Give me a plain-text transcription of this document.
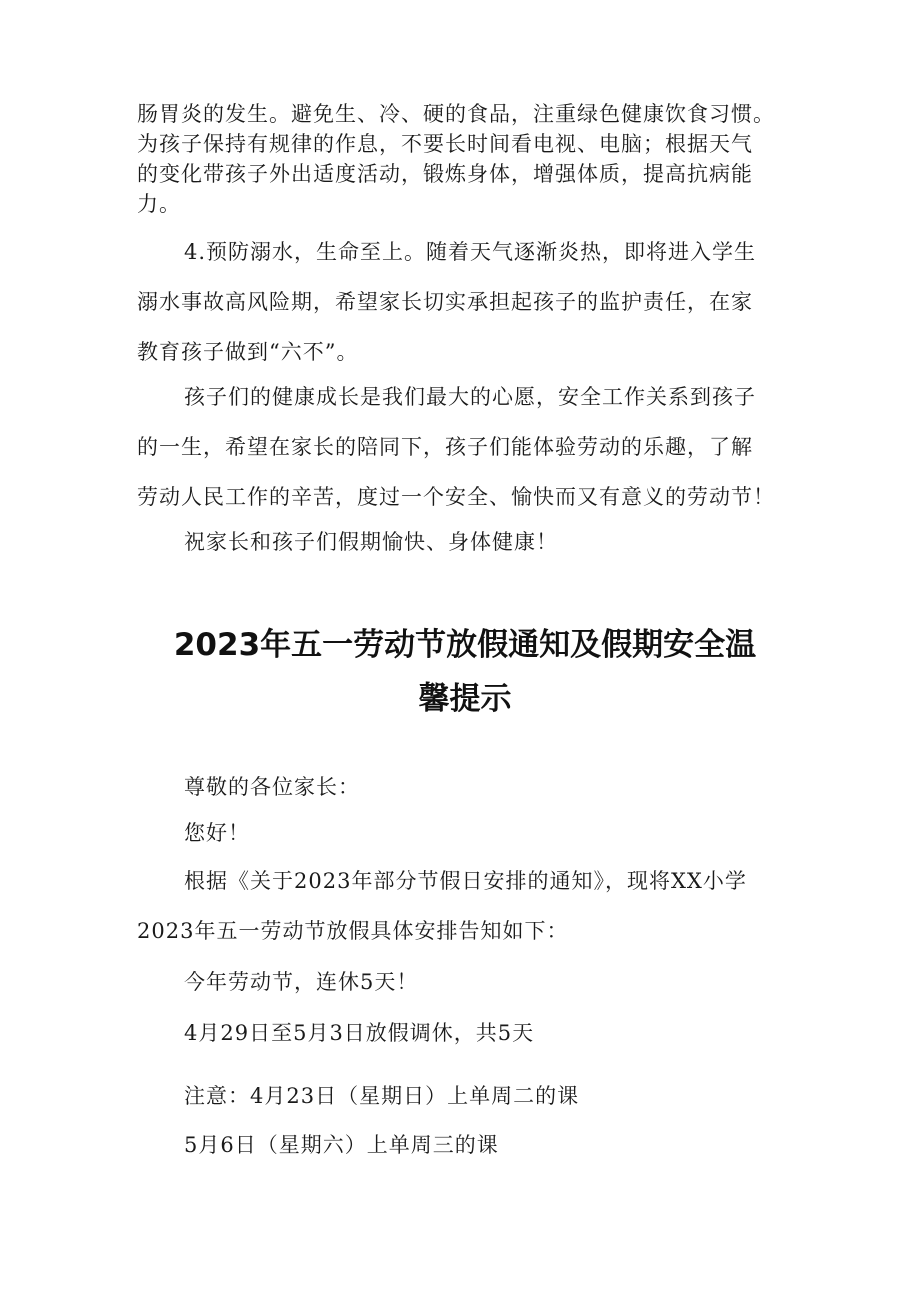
肠胃炎的发生。避免生、冷、硬的食品，注重绿色健康饮食习惯。
为孩子保持有规律的作息，不要长时间看电视、电脑；根据天气
的变化带孩子外出适度活动，锻炼身体，增强体质，提高抗病能
力。

4.预防溺水，生命至上。随着天气逐渐炎热，即将进入学生
溺水事故高风险期，希望家长切实承担起孩子的监护责任，在家
教育孩子做到“六不”。

孩子们的健康成长是我们最大的心愿，安全工作关系到孩子
的一生，希望在家长的陪同下，孩子们能体验劳动的乐趣，了解
劳动人民工作的辛苦，度过一个安全、愉快而又有意义的劳动节！

祝家长和孩子们假期愉快、身体健康！

2023年五一劳动节放假通知及假期安全温
馨提示

尊敬的各位家长：

您好！

根据《关于2023年部分节假日安排的通知》，现将XX小学
2023年五一劳动节放假具体安排告知如下：

今年劳动节，连休5天！

4月29日至5月3日放假调休，共5天

注意：4月23日（星期日）上单周二的课

5月6日（星期六）上单周三的课
